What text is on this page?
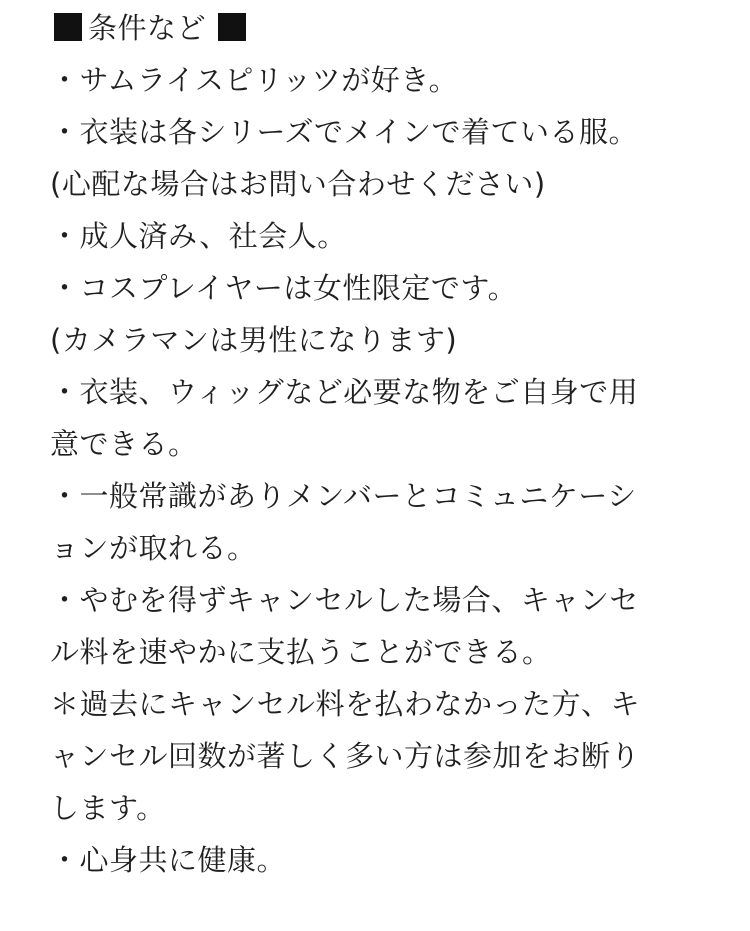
条件など
・サムライスピリッツが好き。
・衣装は各シリーズでメインで着ている服。
(心配な場合はお問い合わせください)
・成人済み、社会人。
・コスプレイヤーは女性限定です。
(カメラマンは男性になります)
・衣装、ウィッグなど必要な物をご自身で用
意できる。
・一般常識がありメンバーとコミュニケーシ
ョンが取れる。
・やむを得ずキャンセルした場合、キャンセ
ル料を速やかに支払うことができる。
＊過去にキャンセル料を払わなかった方、キ
ャンセル回数が著しく多い方は参加をお断り
します。
・心身共に健康。
